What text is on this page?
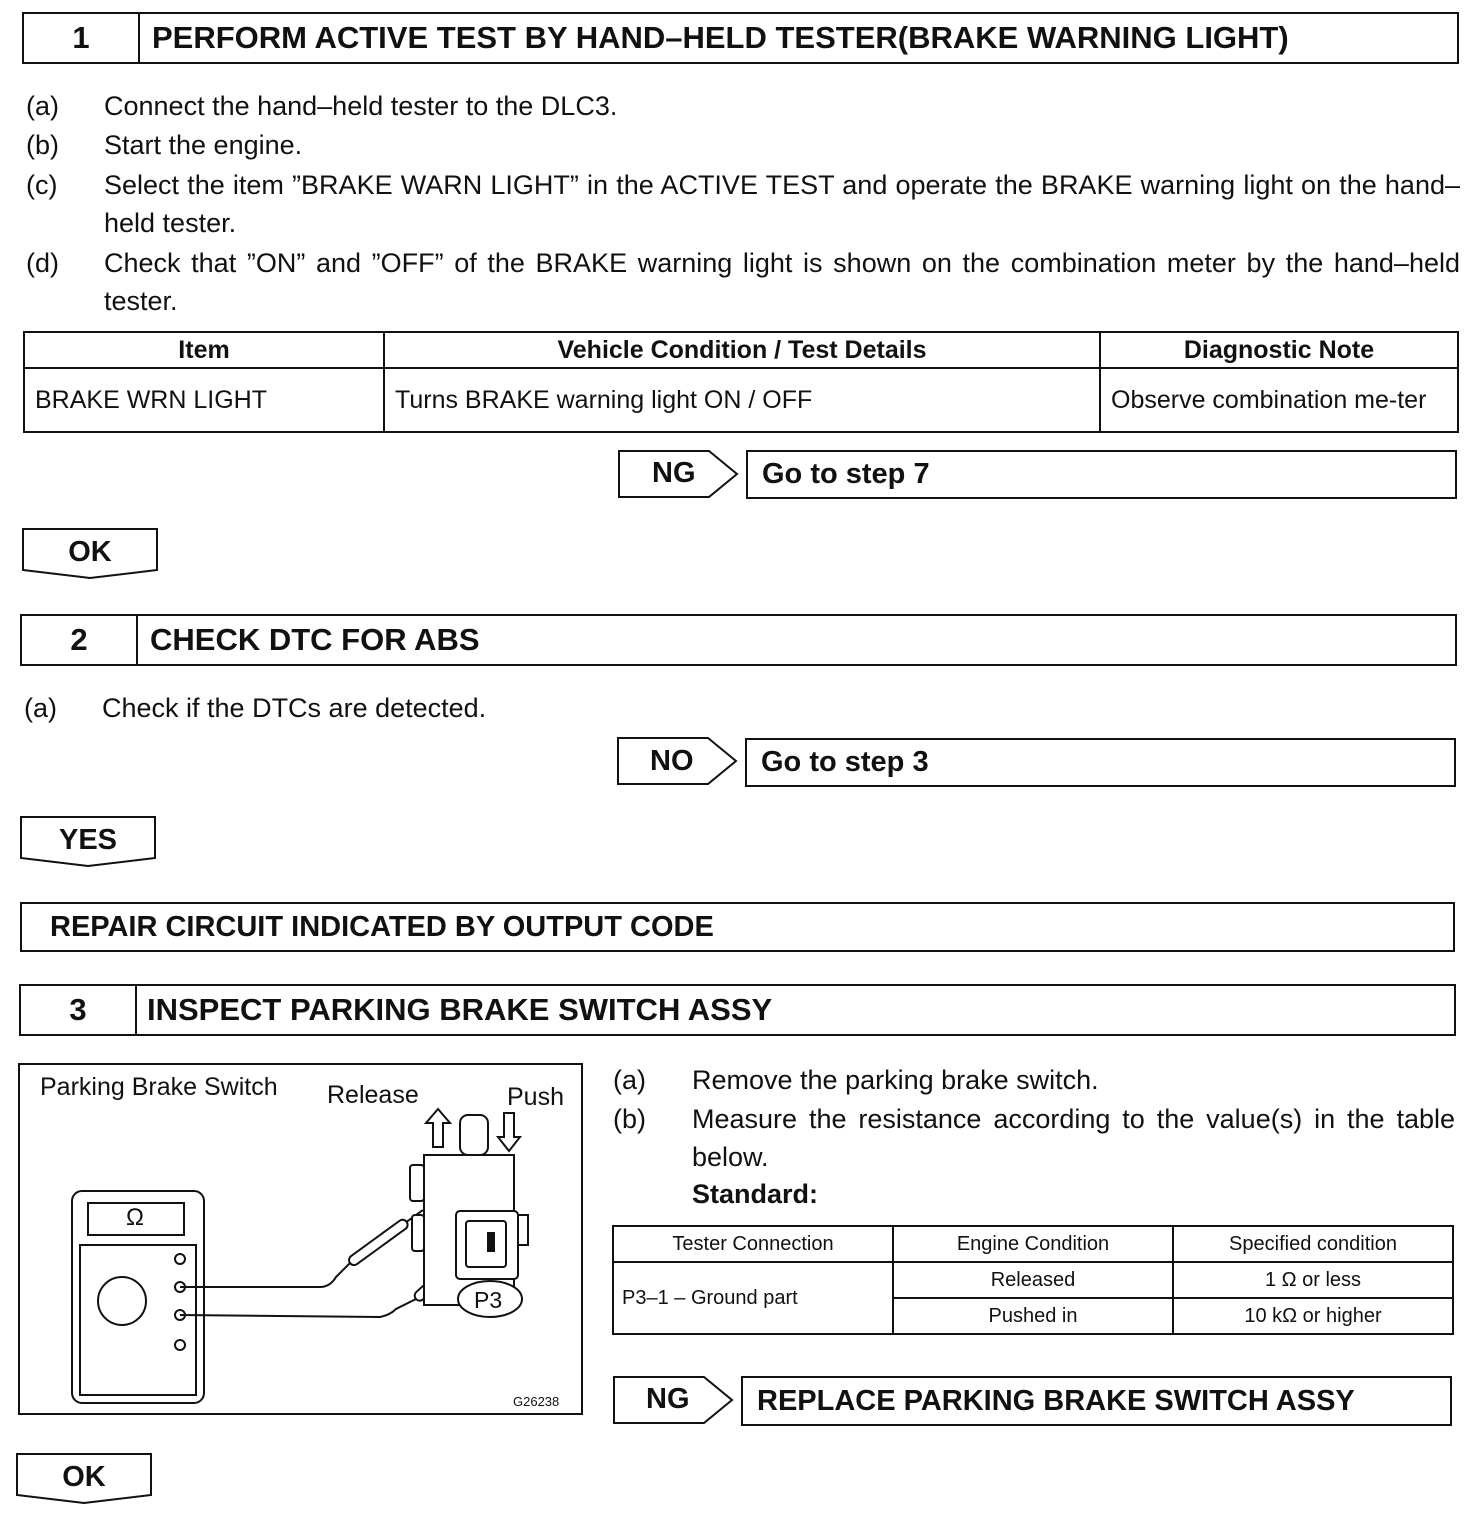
1	PERFORM ACTIVE TEST BY HAND–HELD TESTER(BRAKE WARNING LIGHT)
(a) Connect the hand–held tester to the DLC3.
(b) Start the engine.
(c) Select the item ”BRAKE WARN LIGHT” in the ACTIVE TEST and operate the BRAKE warning light on the hand–held tester.
(d) Check that ”ON” and ”OFF” of the BRAKE warning light is shown on the combination meter by the hand–held tester.
Item	Vehicle Condition / Test Details	Diagnostic Note
BRAKE WRN LIGHT	Turns BRAKE warning light ON / OFF	Observe combination me-ter
NG	Go to step 7
OK
2	CHECK DTC FOR ABS
(a) Check if the DTCs are detected.
NO	Go to step 3
YES
REPAIR CIRCUIT INDICATED BY OUTPUT CODE
3	INSPECT PARKING BRAKE SWITCH ASSY
Parking Brake Switch Release	Push
Ω
P3
G26238
(a) Remove the parking brake switch.
(b) Measure the resistance according to the value(s) in the table below.
Standard:
Tester Connection	Engine Condition	Specified condition
P3–1 – Ground part	Released	1 Ω or less
	Pushed in	10 kΩ or higher
NG	REPLACE PARKING BRAKE SWITCH ASSY
OK
